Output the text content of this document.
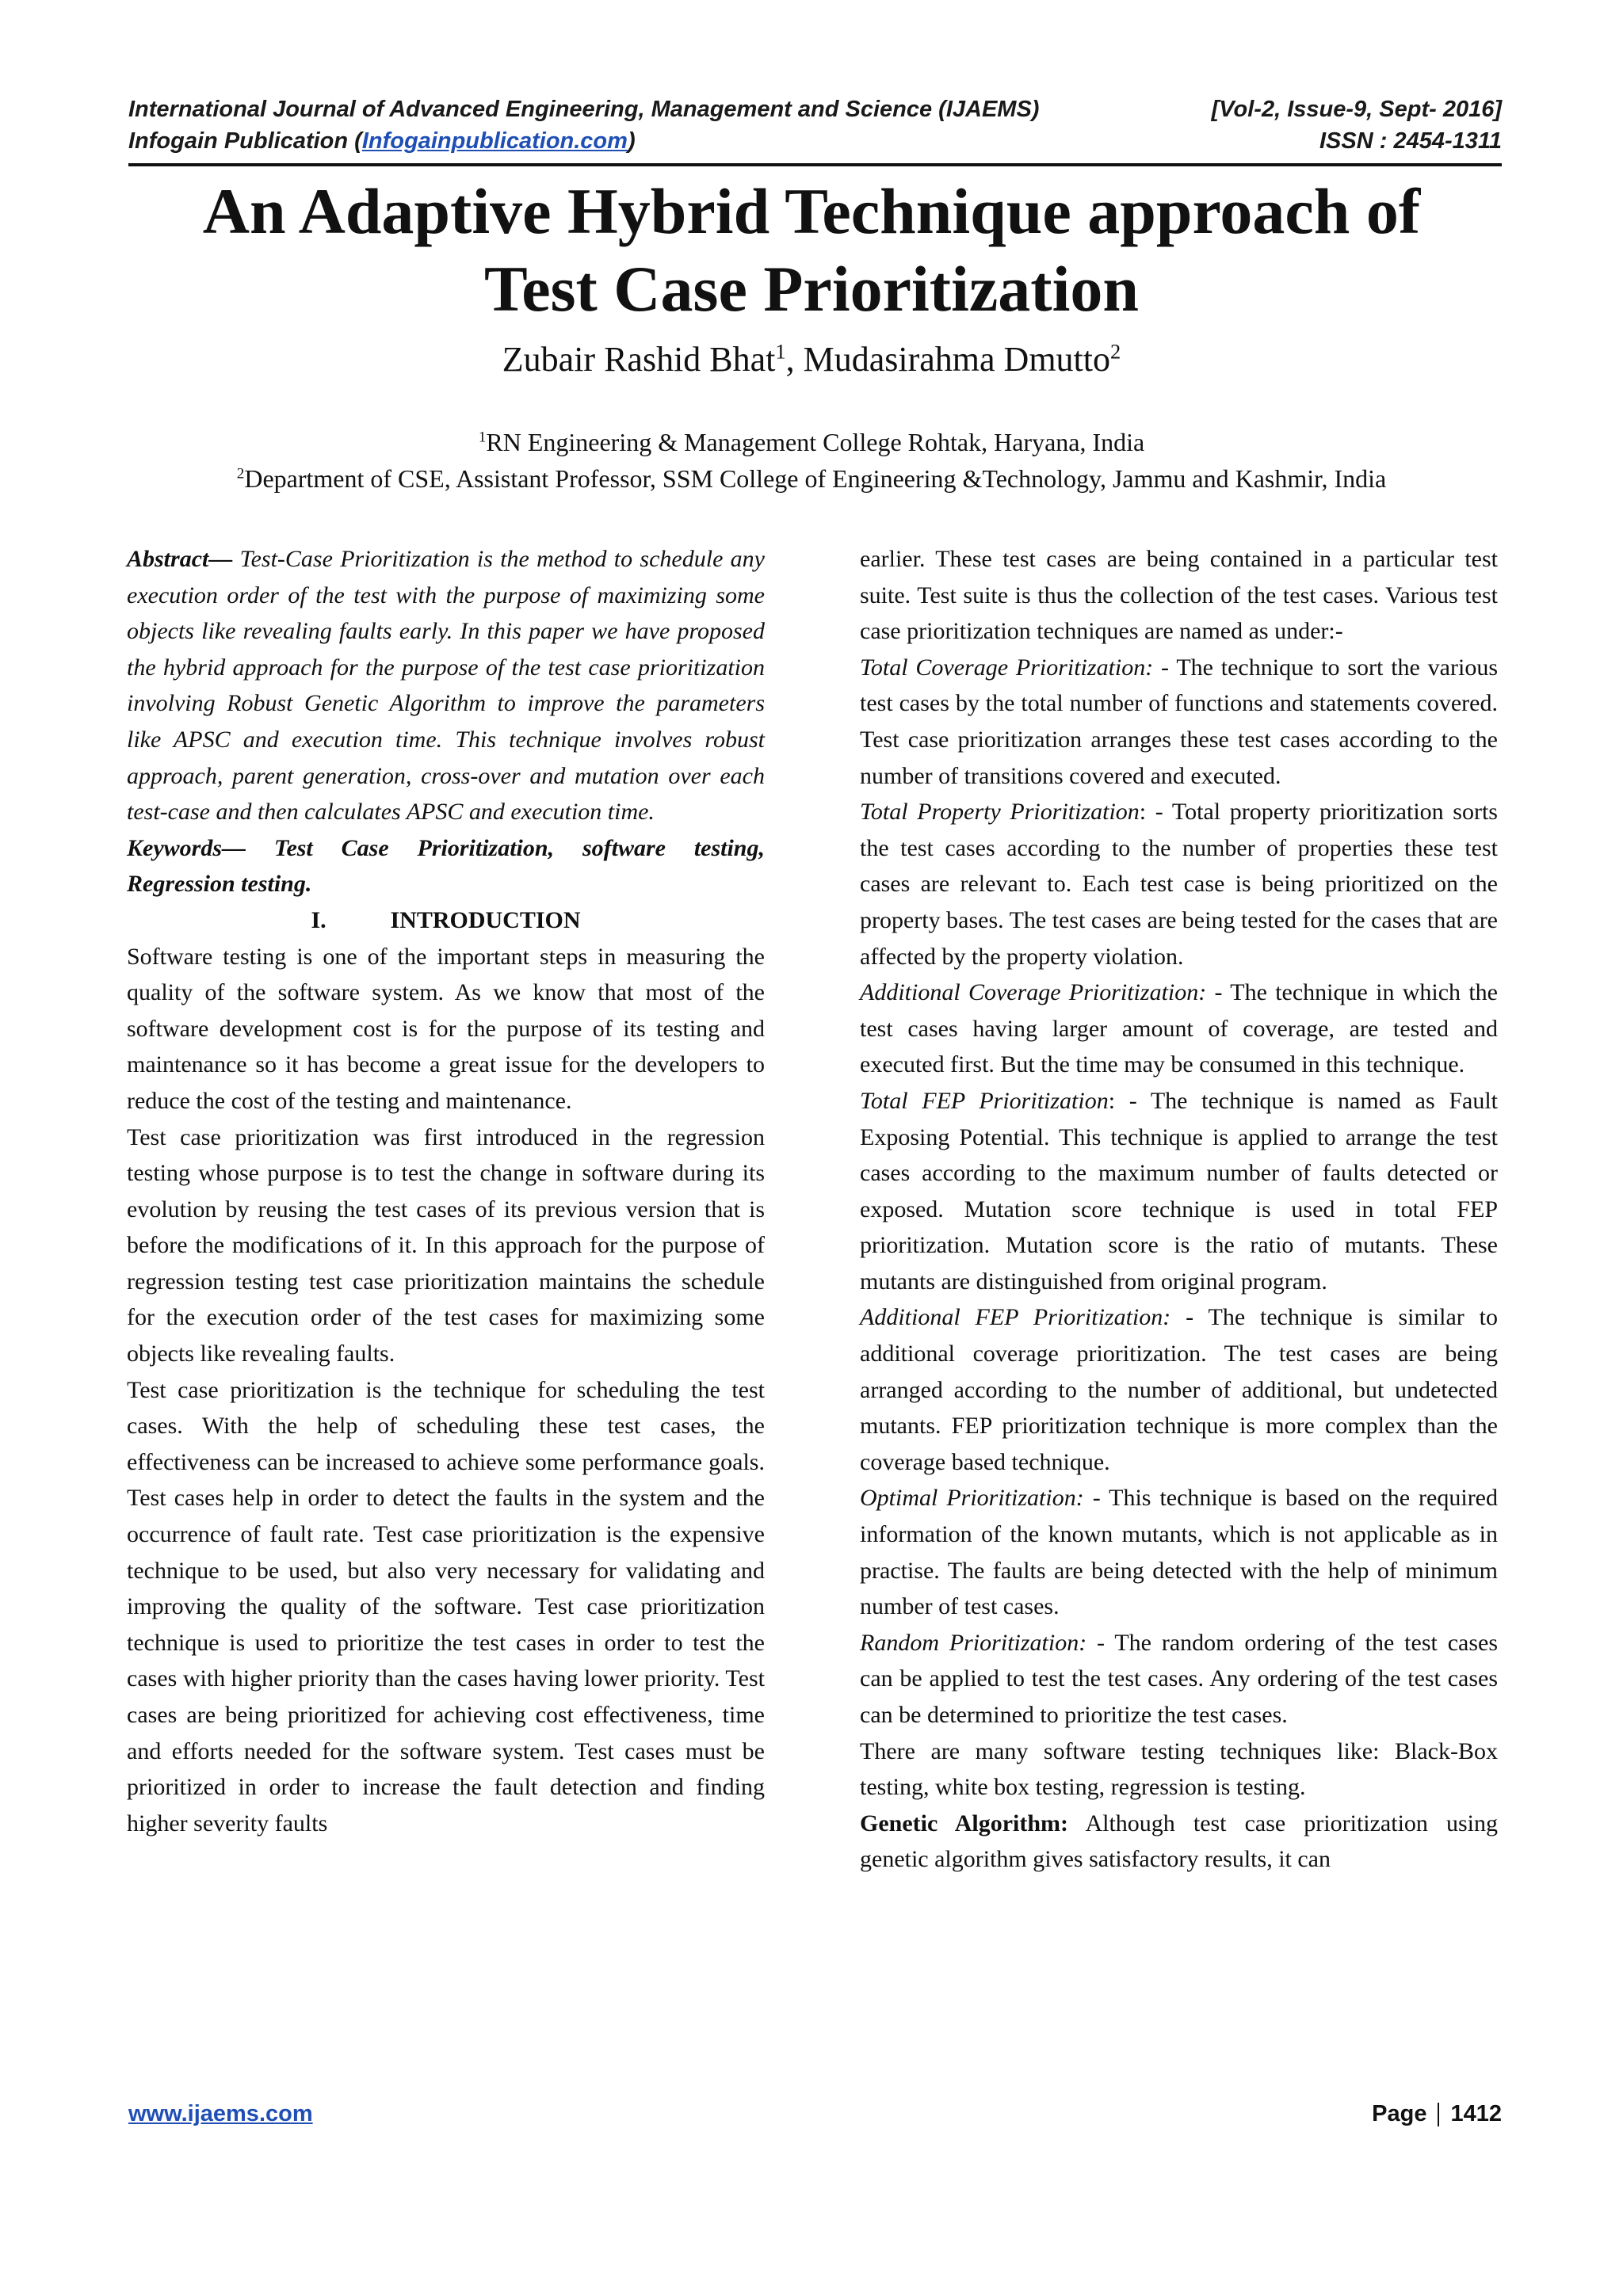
International Journal of Advanced Engineering, Management and Science (IJAEMS)	[Vol-2, Issue-9, Sept- 2016]
Infogain Publication (Infogainpublication.com)	ISSN : 2454-1311
An Adaptive Hybrid Technique approach of
Test Case Prioritization
Zubair Rashid Bhat$^1$, Mudasirahma Dmutto$^2$
$^1$RN Engineering & Management College Rohtak, Haryana, India
$^2$Department of CSE, Assistant Professor, SSM College of Engineering &Technology, Jammu and Kashmir, India

Abstract— Test-Case Prioritization is the method to schedule any execution order of the test with the purpose of maximizing some objects like revealing faults early. In this paper we have proposed the hybrid approach for the purpose of the test case prioritization involving Robust Genetic Algorithm to improve the parameters like APSC and execution time. This technique involves robust approach, parent generation, cross-over and mutation over each test-case and then calculates APSC and execution time.

Keywords— Test Case Prioritization, software testing, Regression testing.

I.	INTRODUCTION

Software testing is one of the important steps in measuring the quality of the software system. As we know that most of the software development cost is for the purpose of its testing and maintenance so it has become a great issue for the developers to reduce the cost of the testing and maintenance.

Test case prioritization was first introduced in the regression testing whose purpose is to test the change in software during its evolution by reusing the test cases of its previous version that is before the modifications of it. In this approach for the purpose of regression testing test case prioritization maintains the schedule for the execution order of the test cases for maximizing some objects like revealing faults.

Test case prioritization is the technique for scheduling the test cases. With the help of scheduling these test cases, the effectiveness can be increased to achieve some performance goals. Test cases help in order to detect the faults in the system and the occurrence of fault rate. Test case prioritization is the expensive technique to be used, but also very necessary for validating and improving the quality of the software. Test case prioritization technique is used to prioritize the test cases in order to test the cases with higher priority than the cases having lower priority. Test cases are being prioritized for achieving cost effectiveness, time and efforts needed for the software system. Test cases must be prioritized in order to increase the fault detection and finding higher severity faults

earlier. These test cases are being contained in a particular test suite. Test suite is thus the collection of the test cases. Various test case prioritization techniques are named as under:-

Total Coverage Prioritization: - The technique to sort the various test cases by the total number of functions and statements covered. Test case prioritization arranges these test cases according to the number of transitions covered and executed.

Total Property Prioritization: - Total property prioritization sorts the test cases according to the number of properties these test cases are relevant to. Each test case is being prioritized on the property bases. The test cases are being tested for the cases that are affected by the property violation.

Additional Coverage Prioritization: - The technique in which the test cases having larger amount of coverage, are tested and executed first. But the time may be consumed in this technique.

Total FEP Prioritization: - The technique is named as Fault Exposing Potential. This technique is applied to arrange the test cases according to the maximum number of faults detected or exposed. Mutation score technique is used in total FEP prioritization. Mutation score is the ratio of mutants. These mutants are distinguished from original program.

Additional FEP Prioritization: - The technique is similar to additional coverage prioritization. The test cases are being arranged according to the number of additional, but undetected mutants. FEP prioritization technique is more complex than the coverage based technique.

Optimal Prioritization: - This technique is based on the required information of the known mutants, which is not applicable as in practise. The faults are being detected with the help of minimum number of test cases.

Random Prioritization: - The random ordering of the test cases can be applied to test the test cases. Any ordering of the test cases can be determined to prioritize the test cases.

There are many software testing techniques like: Black-Box testing, white box testing, regression is testing.

Genetic Algorithm: Although test case prioritization using genetic algorithm gives satisfactory results, it can

www.ijaems.com	Page 1412
